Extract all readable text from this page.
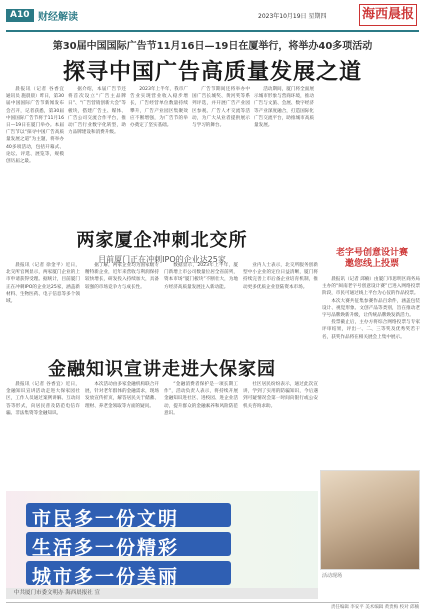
A10 财经解读	2023年10月19日 星期四	海西晨报
第30届中国国际广告节11月16日—19日在厦举行，将举办40多项活动
探寻中国广告高质量发展之道

晨报讯（记者 谷香宜 通讯员 施晨晨）昨日，第30届中国国际广告节新闻发布会召开，记者获悉，第30届中国国际广告节将于11月16日—19日在厦门举办。本届广告节以“探寻中国广告高质量发展之道”为主题，将举办40多项活动，包括开幕式、论坛、评选、展览等，规模创历届之最。

据介绍，本届广告节还将首次设立“广告主品牌日”、“广告营销创新大会”等板块，搭建广告主、媒体、广告公司交流合作平台，推动广告行业数字化转型，助力品牌建设和消费升级。

2023年上半年，我市广告业实现营业收入稳步增长，广告经营单位数量持续攀升，广告产业园区集聚效应不断增强，为广告节的举办奠定了坚实基础。

广告节期间还将举办中国广告长城奖、黄河奖等系列评选，并开展广告产业园区参观、广告人才交流等活动，为广大从业者提供展示与学习的舞台。

活动期间，厦门将全面展示城市形象与营商环境，推动广告与文旅、会展、数字经济等产业深度融合，打造国际化广告交流平台，助推城市高质量发展。

两家厦企冲刺北交所
目前厦门正在冲刺IPO的企业达25家

晨报讯（记者 徐金平）近日，北交所官网显示，两家厦门企业的上市申请获得受理。据统计，目前厦门正在冲刺IPO的企业达25家，涵盖新材料、生物医药、电子信息等多个领域。

据了解，两家企业均为国家级专精特新企业，近年来营收与利润保持较快增长，研发投入持续加大，具备较强的市场竞争力与成长性。

数据显示，2023年上半年，厦门新增上市公司数量位居全省前列，资本市场“厦门板块”不断壮大，为地方经济高质量发展注入新动能。

业内人士表示，北交所服务创新型中小企业的定位日益清晰，厦门将持续完善上市后备企业培育机制，推动更多优质企业登陆资本市场。

金融知识宣讲走进大保家园

晨报讯（记者 谷香宜）近日，金融知识宣讲活动走进大保家园社区，工作人员通过案例讲解、互动问答等形式，向居民普及防范电信诈骗、非法集资等金融知识。

本次活动由多家金融机构联合开展，针对老年群体的金融需求，现场发放宣传折页，解答居民关于储蓄、理财、养老金领取等方面的疑问。

“金融消费者保护是一项长期工作”，活动负责人表示，将持续开展金融知识进社区、进校园、进企业活动，提升群众的金融素养和风险防范意识。

社区居民纷纷表示，通过此次宣讲，学到了实用的防骗知识，今后遇到可疑情况会第一时间向银行或公安机关咨询求助。

老字号创意设计赛
邀您线上投票

晨报讯（记者 邱楠）由厦门市思明区商务局主办的“闽南老字号创意设计赛”已进入网络投票阶段，市民可通过线上平台为心仪的作品投票。

本次大赛共征集参赛作品百余件，涵盖包装设计、视觉形象、文创产品等类别，旨在推动老字号品牌焕新升级，让传统品牌焕发新活力。

投票截止后，主办方将综合网络投票与专家评审结果，评出一、二、三等奖及优秀奖若干名，获奖作品将在相关展会上集中展示。

活动现场
市民多一份文明
生活多一份精彩
城市多一份美丽
中共厦门市委文明办 海西晨报社 宣
责任编辑 李安平 美术编辑 黄贵梅 校对 邱楠
